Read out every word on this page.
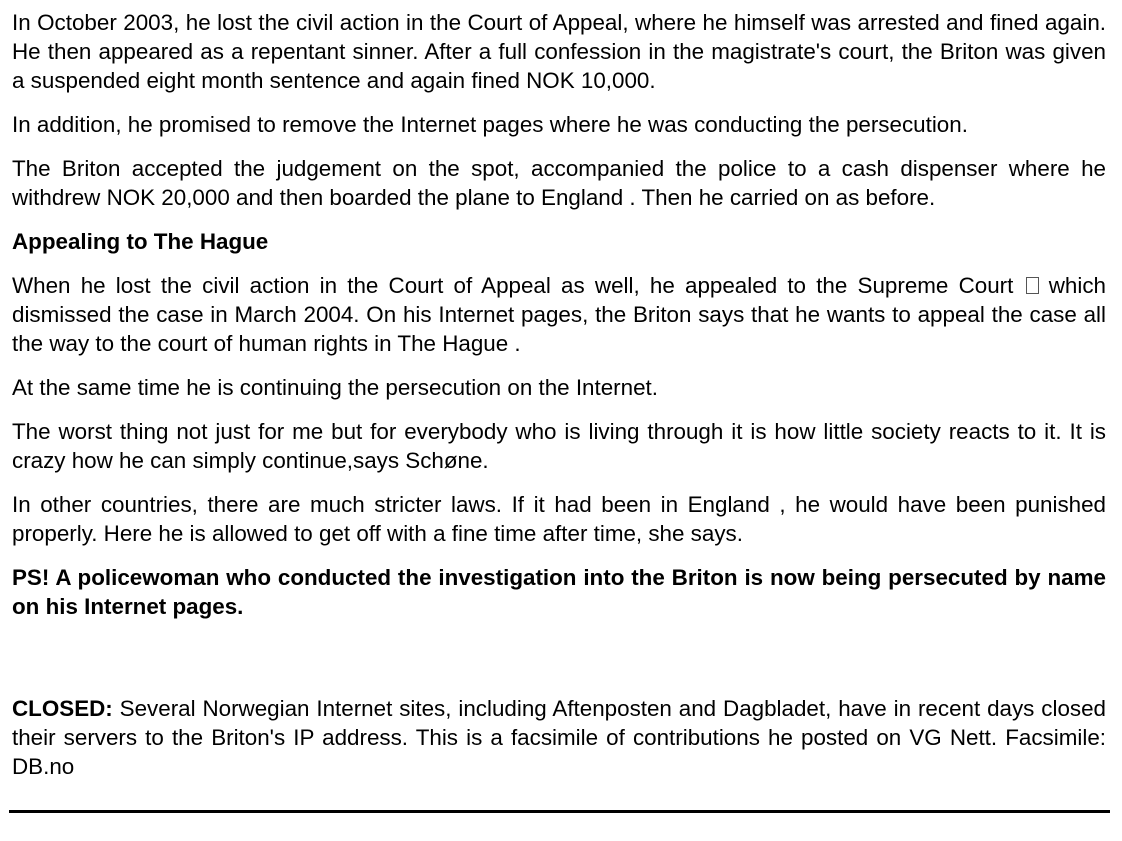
In October 2003, he lost the civil action in the Court of Appeal, where he himself was arrested and fined again. He then appeared as a repentant sinner. After a full confession in the magistrate's court, the Briton was given a suspended eight month sentence and again fined NOK 10,000.

In addition, he promised to remove the Internet pages where he was conducting the persecution.

The Briton accepted the judgement on the spot, accompanied the police to a cash dispenser where he withdrew NOK 20,000 and then boarded the plane to England . Then he carried on as before.

Appealing to The Hague

When he lost the civil action in the Court of Appeal as well, he appealed to the Supreme Court  which dismissed the case in March 2004. On his Internet pages, the Briton says that he wants to appeal the case all the way to the court of human rights in The Hague .

At the same time he is continuing the persecution on the Internet.

The worst thing not just for me but for everybody who is living through it is how little society reacts to it. It is crazy how he can simply continue,says Schøne.

In other countries, there are much stricter laws. If it had been in England , he would have been punished properly. Here he is allowed to get off with a fine time after time, she says.

PS! A policewoman who conducted the investigation into the Briton is now being persecuted by name on his Internet pages.

CLOSED: Several Norwegian Internet sites, including Aftenposten and Dagbladet, have in recent days closed their servers to the Briton's IP address. This is a facsimile of contributions he posted on VG Nett. Facsimile: DB.no
